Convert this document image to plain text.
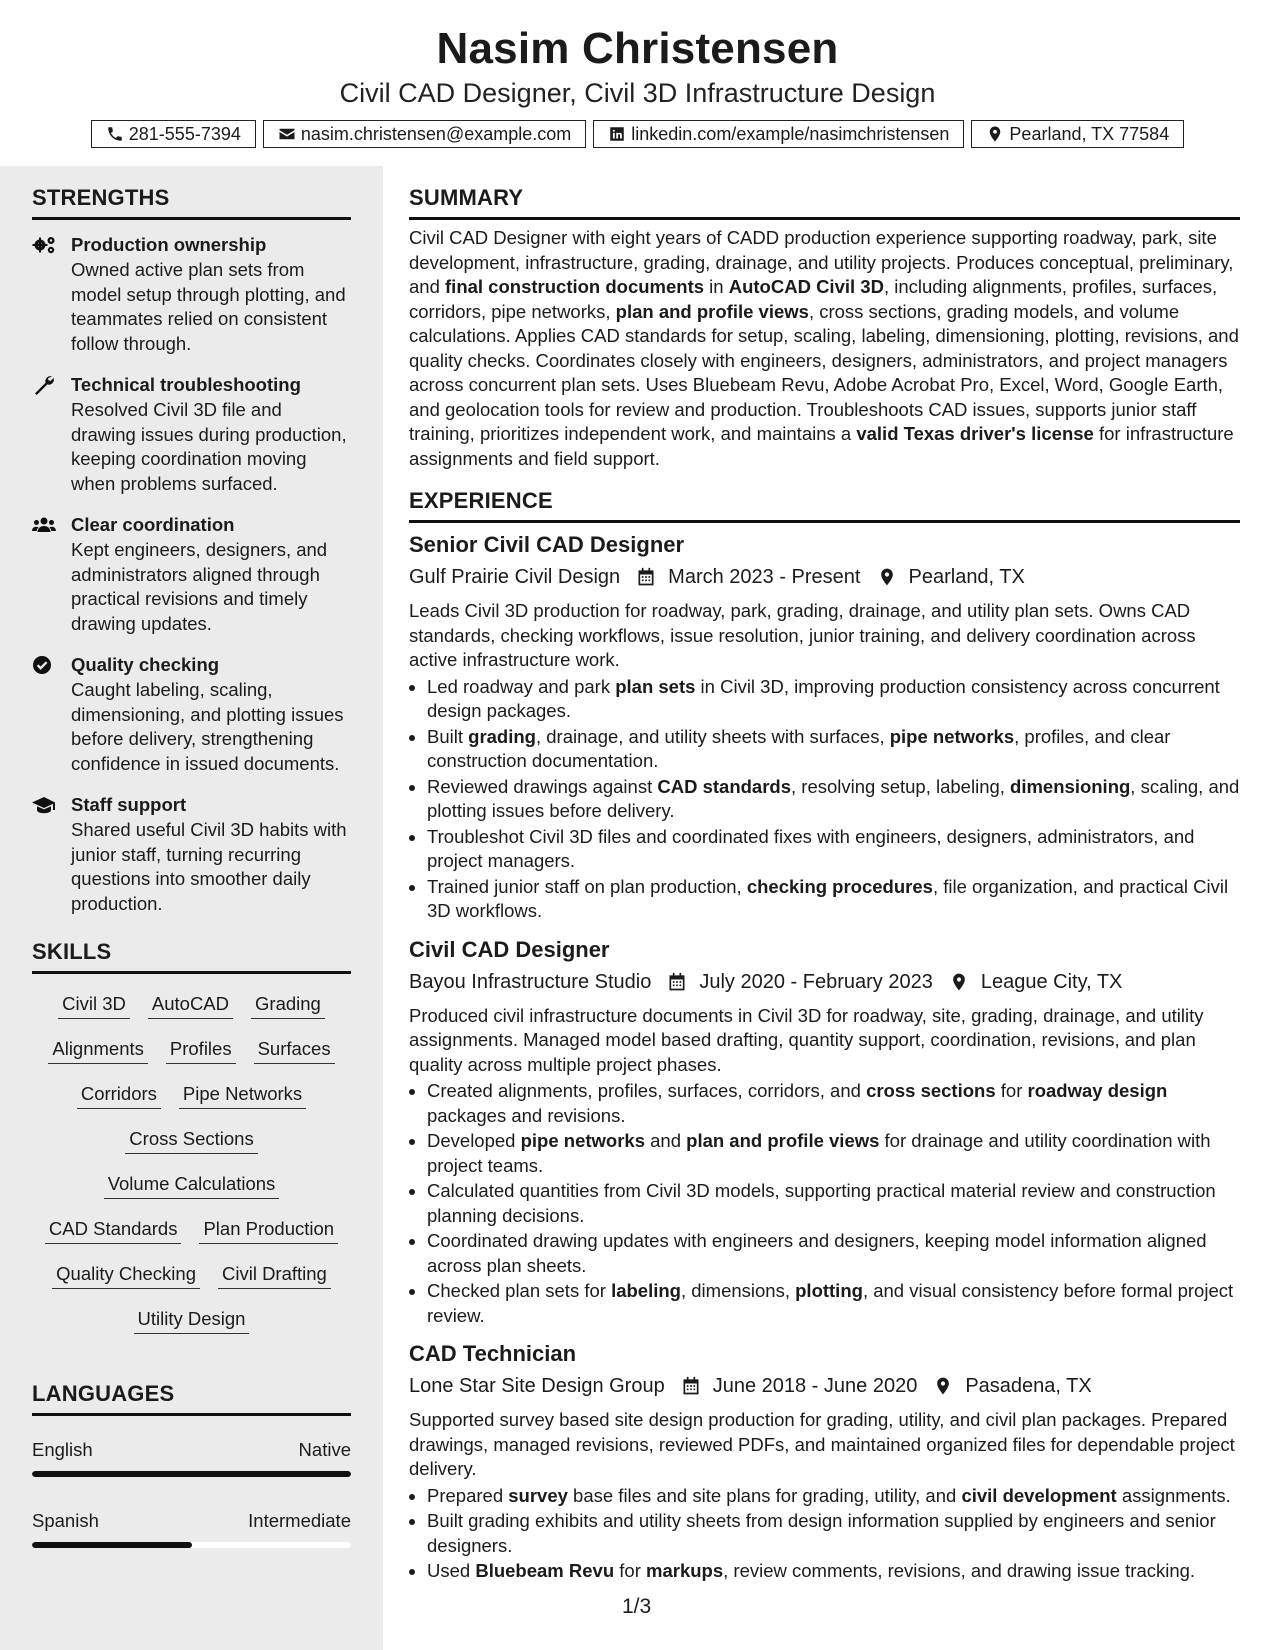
Nasim Christensen
Civil CAD Designer, Civil 3D Infrastructure Design
281-555-7394	nasim.christensen@example.com	linkedin.com/example/nasimchristensen	Pearland, TX 77584
STRENGTHS
Production ownership
Owned active plan sets from model setup through plotting, and teammates relied on consistent follow through.
Technical troubleshooting
Resolved Civil 3D file and drawing issues during production, keeping coordination moving when problems surfaced.
Clear coordination
Kept engineers, designers, and administrators aligned through practical revisions and timely drawing updates.
Quality checking
Caught labeling, scaling, dimensioning, and plotting issues before delivery, strengthening confidence in issued documents.
Staff support
Shared useful Civil 3D habits with junior staff, turning recurring questions into smoother daily production.
SKILLS
Civil 3D AutoCAD Grading
Alignments Profiles Surfaces
Corridors Pipe Networks
Cross Sections
Volume Calculations
CAD Standards Plan Production
Quality Checking Civil Drafting
Utility Design
LANGUAGES
English	Native
Spanish	Intermediate
SUMMARY

Civil CAD Designer with eight years of CADD production experience supporting roadway, park, site development, infrastructure, grading, drainage, and utility projects. Produces conceptual, preliminary, and final construction documents in AutoCAD Civil 3D, including alignments, profiles, surfaces, corridors, pipe networks, plan and profile views, cross sections, grading models, and volume calculations. Applies CAD standards for setup, scaling, labeling, dimensioning, plotting, revisions, and quality checks. Coordinates closely with engineers, designers, administrators, and project managers across concurrent plan sets. Uses Bluebeam Revu, Adobe Acrobat Pro, Excel, Word, Google Earth, and geolocation tools for review and production. Troubleshoots CAD issues, supports junior staff training, prioritizes independent work, and maintains a valid Texas driver's license for infrastructure assignments and field support.

EXPERIENCE
Senior Civil CAD Designer
Gulf Prairie Civil Design March 2023 - Present Pearland, TX

Leads Civil 3D production for roadway, park, grading, drainage, and utility plan sets. Owns CAD standards, checking workflows, issue resolution, junior training, and delivery coordination across active infrastructure work.

• Led roadway and park plan sets in Civil 3D, improving production consistency across concurrent design packages.
• Built grading, drainage, and utility sheets with surfaces, pipe networks, profiles, and clear construction documentation.
• Reviewed drawings against CAD standards, resolving setup, labeling, dimensioning, scaling, and plotting issues before delivery.
• Troubleshot Civil 3D files and coordinated fixes with engineers, designers, administrators, and project managers.
• Trained junior staff on plan production, checking procedures, file organization, and practical Civil 3D workflows.
Civil CAD Designer
Bayou Infrastructure Studio July 2020 - February 2023 League City, TX

Produced civil infrastructure documents in Civil 3D for roadway, site, grading, drainage, and utility assignments. Managed model based drafting, quantity support, coordination, revisions, and plan quality across multiple project phases.

• Created alignments, profiles, surfaces, corridors, and cross sections for roadway design packages and revisions.
• Developed pipe networks and plan and profile views for drainage and utility coordination with project teams.
• Calculated quantities from Civil 3D models, supporting practical material review and construction planning decisions.
• Coordinated drawing updates with engineers and designers, keeping model information aligned across plan sheets.
• Checked plan sets for labeling, dimensions, plotting, and visual consistency before formal project review.
CAD Technician
Lone Star Site Design Group June 2018 - June 2020 Pasadena, TX

Supported survey based site design production for grading, utility, and civil plan packages. Prepared drawings, managed revisions, reviewed PDFs, and maintained organized files for dependable project delivery.

• Prepared survey base files and site plans for grading, utility, and civil development assignments.
• Built grading exhibits and utility sheets from design information supplied by engineers and senior designers.
• Used Bluebeam Revu for markups, review comments, revisions, and drawing issue tracking.
1/3
